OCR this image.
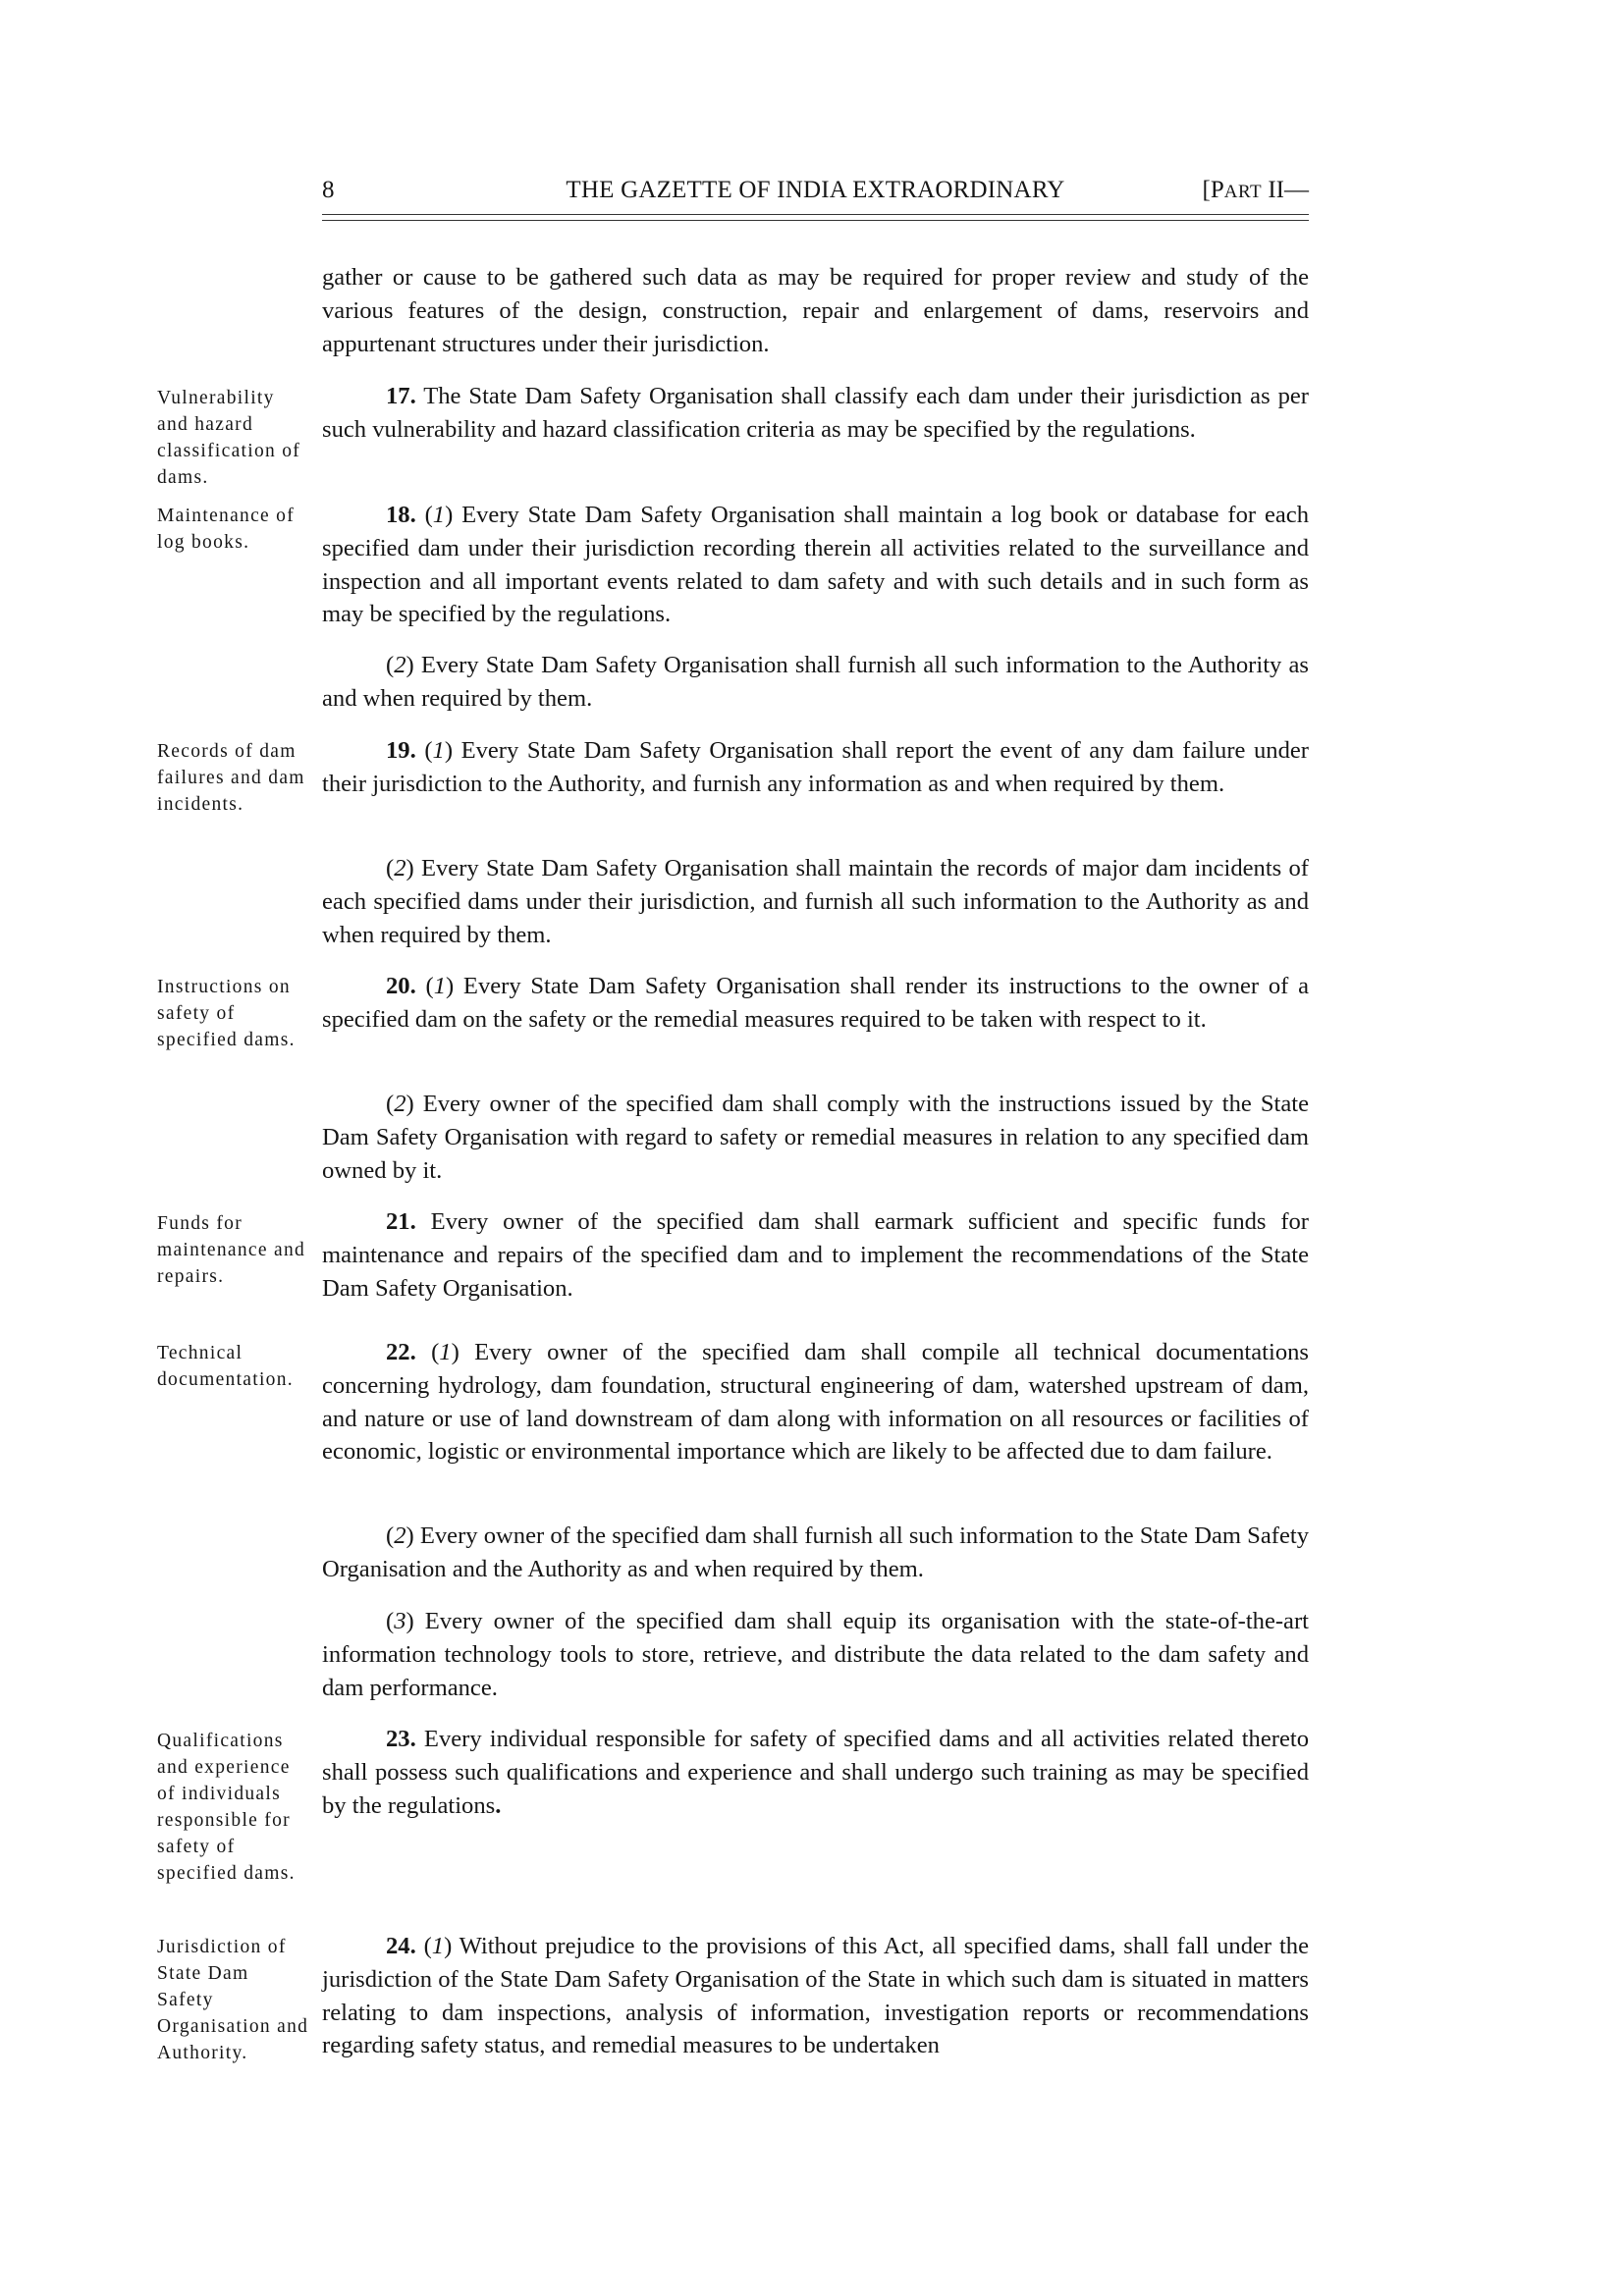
8	THE GAZETTE OF INDIA EXTRAORDINARY	[PART II—

gather or cause to be gathered such data as may be required for proper review and study of the various features of the design, construction, repair and enlargement of dams, reservoirs and appurtenant structures under their jurisdiction.

Vulnerability and hazard classification of dams.

17. The State Dam Safety Organisation shall classify each dam under their jurisdiction as per such vulnerability and hazard classification criteria as may be specified by the regulations.

Maintenance of log books.

18. (1) Every State Dam Safety Organisation shall maintain a log book or database for each specified dam under their jurisdiction recording therein all activities related to the surveillance and inspection and all important events related to dam safety and with such details and in such form as may be specified by the regulations.

(2) Every State Dam Safety Organisation shall furnish all such information to the Authority as and when required by them.

Records of dam failures and dam incidents.

19. (1) Every State Dam Safety Organisation shall report the event of any dam failure under their jurisdiction to the Authority, and furnish any information as and when required by them.

(2) Every State Dam Safety Organisation shall maintain the records of major dam incidents of each specified dams under their jurisdiction, and furnish all such information to the Authority as and when required by them.

Instructions on safety of specified dams.

20. (1) Every State Dam Safety Organisation shall render its instructions to the owner of a specified dam on the safety or the remedial measures required to be taken with respect to it.

(2) Every owner of the specified dam shall comply with the instructions issued by the State Dam Safety Organisation with regard to safety or remedial measures in relation to any specified dam owned by it.

Funds for maintenance and repairs.

21. Every owner of the specified dam shall earmark sufficient and specific funds for maintenance and repairs of the specified dam and to implement the recommendations of the State Dam Safety Organisation.

Technical documentation.

22. (1) Every owner of the specified dam shall compile all technical documentations concerning hydrology, dam foundation, structural engineering of dam, watershed upstream of dam, and nature or use of land downstream of dam along with information on all resources or facilities of economic, logistic or environmental importance which are likely to be affected due to dam failure.

(2) Every owner of the specified dam shall furnish all such information to the State Dam Safety Organisation and the Authority as and when required by them.

(3) Every owner of the specified dam shall equip its organisation with the state-of-the-art information technology tools to store, retrieve, and distribute the data related to the dam safety and dam performance.

Qualifications and experience of individuals responsible for safety of specified dams.

23. Every individual responsible for safety of specified dams and all activities related thereto shall possess such qualifications and experience and shall undergo such training as may be specified by the regulations.

Jurisdiction of State Dam Safety Organisation and Authority.

24. (1) Without prejudice to the provisions of this Act, all specified dams, shall fall under the jurisdiction of the State Dam Safety Organisation of the State in which such dam is situated in matters relating to dam inspections, analysis of information, investigation reports or recommendations regarding safety status, and remedial measures to be undertaken
